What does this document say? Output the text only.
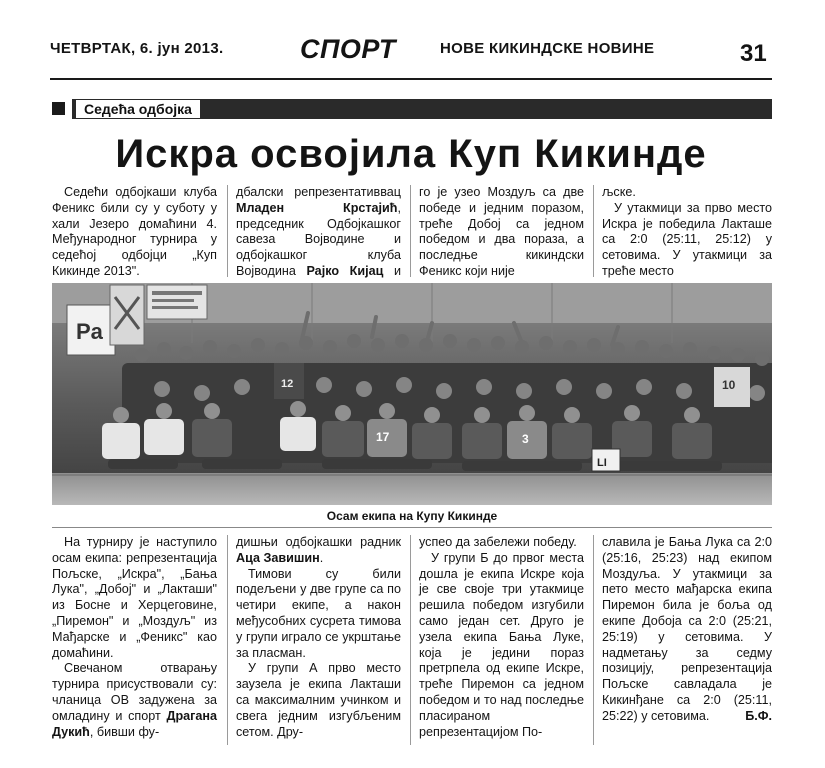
ЧЕТВРТАК, 6. јун 2013.	СПОРТ	НОВЕ КИКИНДСКЕ НОВИНЕ	31
Седећа одбојка
Искра освојила Куп Кикинде

Седећи одбојкаши клуба Феникс били су у суботу у хали Језеро домаћини 4. Међународног турнира у седећој одбојци „Куп Кикинде 2013".

дбалски репрезентативвац Младен Крстајић, председник Одбојкашког савеза Војводине и одбојкашког клуба Војводина Рајко Кијац и

го је узео Моздуљ са две победе и једним поразом, треће Добој са једном победом и два пораза, а последње кикиндски Феникс који није

љске.

У утакмици за прво место Искра је победила Лакташе са 2:0 (25:11, 25:12) у сетовима. У утакмици за треће место

Pa
12	10
17	3
LI
Осам екипа на Купу Кикинде

На турниру је наступило осам екипа: репрезентација Пољске, „Искра", „Бања Лука", „Добој" и „Лакташи" из Босне и Херцеговине, „Пиремон" и „Моздуљ" из Мађарске и „Феникс" као домаћини.

Свечаном отварању турнира присуствовали су: чланица ОВ задужена за омладину и спорт Драгана Дукић, бивши фу-

дишњи одбојкашки радник Аца Завишин.

Тимови су били подељени у две групе са по четири екипе, а након међусобних сусрета тимова у групи играло се укрштање за пласман.

У групи А прво место заузела је екипа Лакташи са максималним учинком и свега једним изгубљеним сетом. Дру-

успео да забележи победу.

У групи Б до првог места дошла је екипа Искре која је све своје три утакмице решила победом изгубили само један сет. Друго је узела екипа Бања Луке, која је једини пораз претрпела од екипе Искре, треће Пиремон са једном победом и то над последње пласираном репрезентацијом По-

славила је Бања Лука са 2:0 (25:16, 25:23) над екипом Моздуља. У утакмици за пето место мађарска екипа Пиремон била је боља од екипе Добоја са 2:0 (25:21, 25:19) у сетовима. У надметању за седму позицију, репрезентација Пољске савладала је Кикинђане са 2:0 (25:11, 25:22) у сетовима.	Б.Ф.
